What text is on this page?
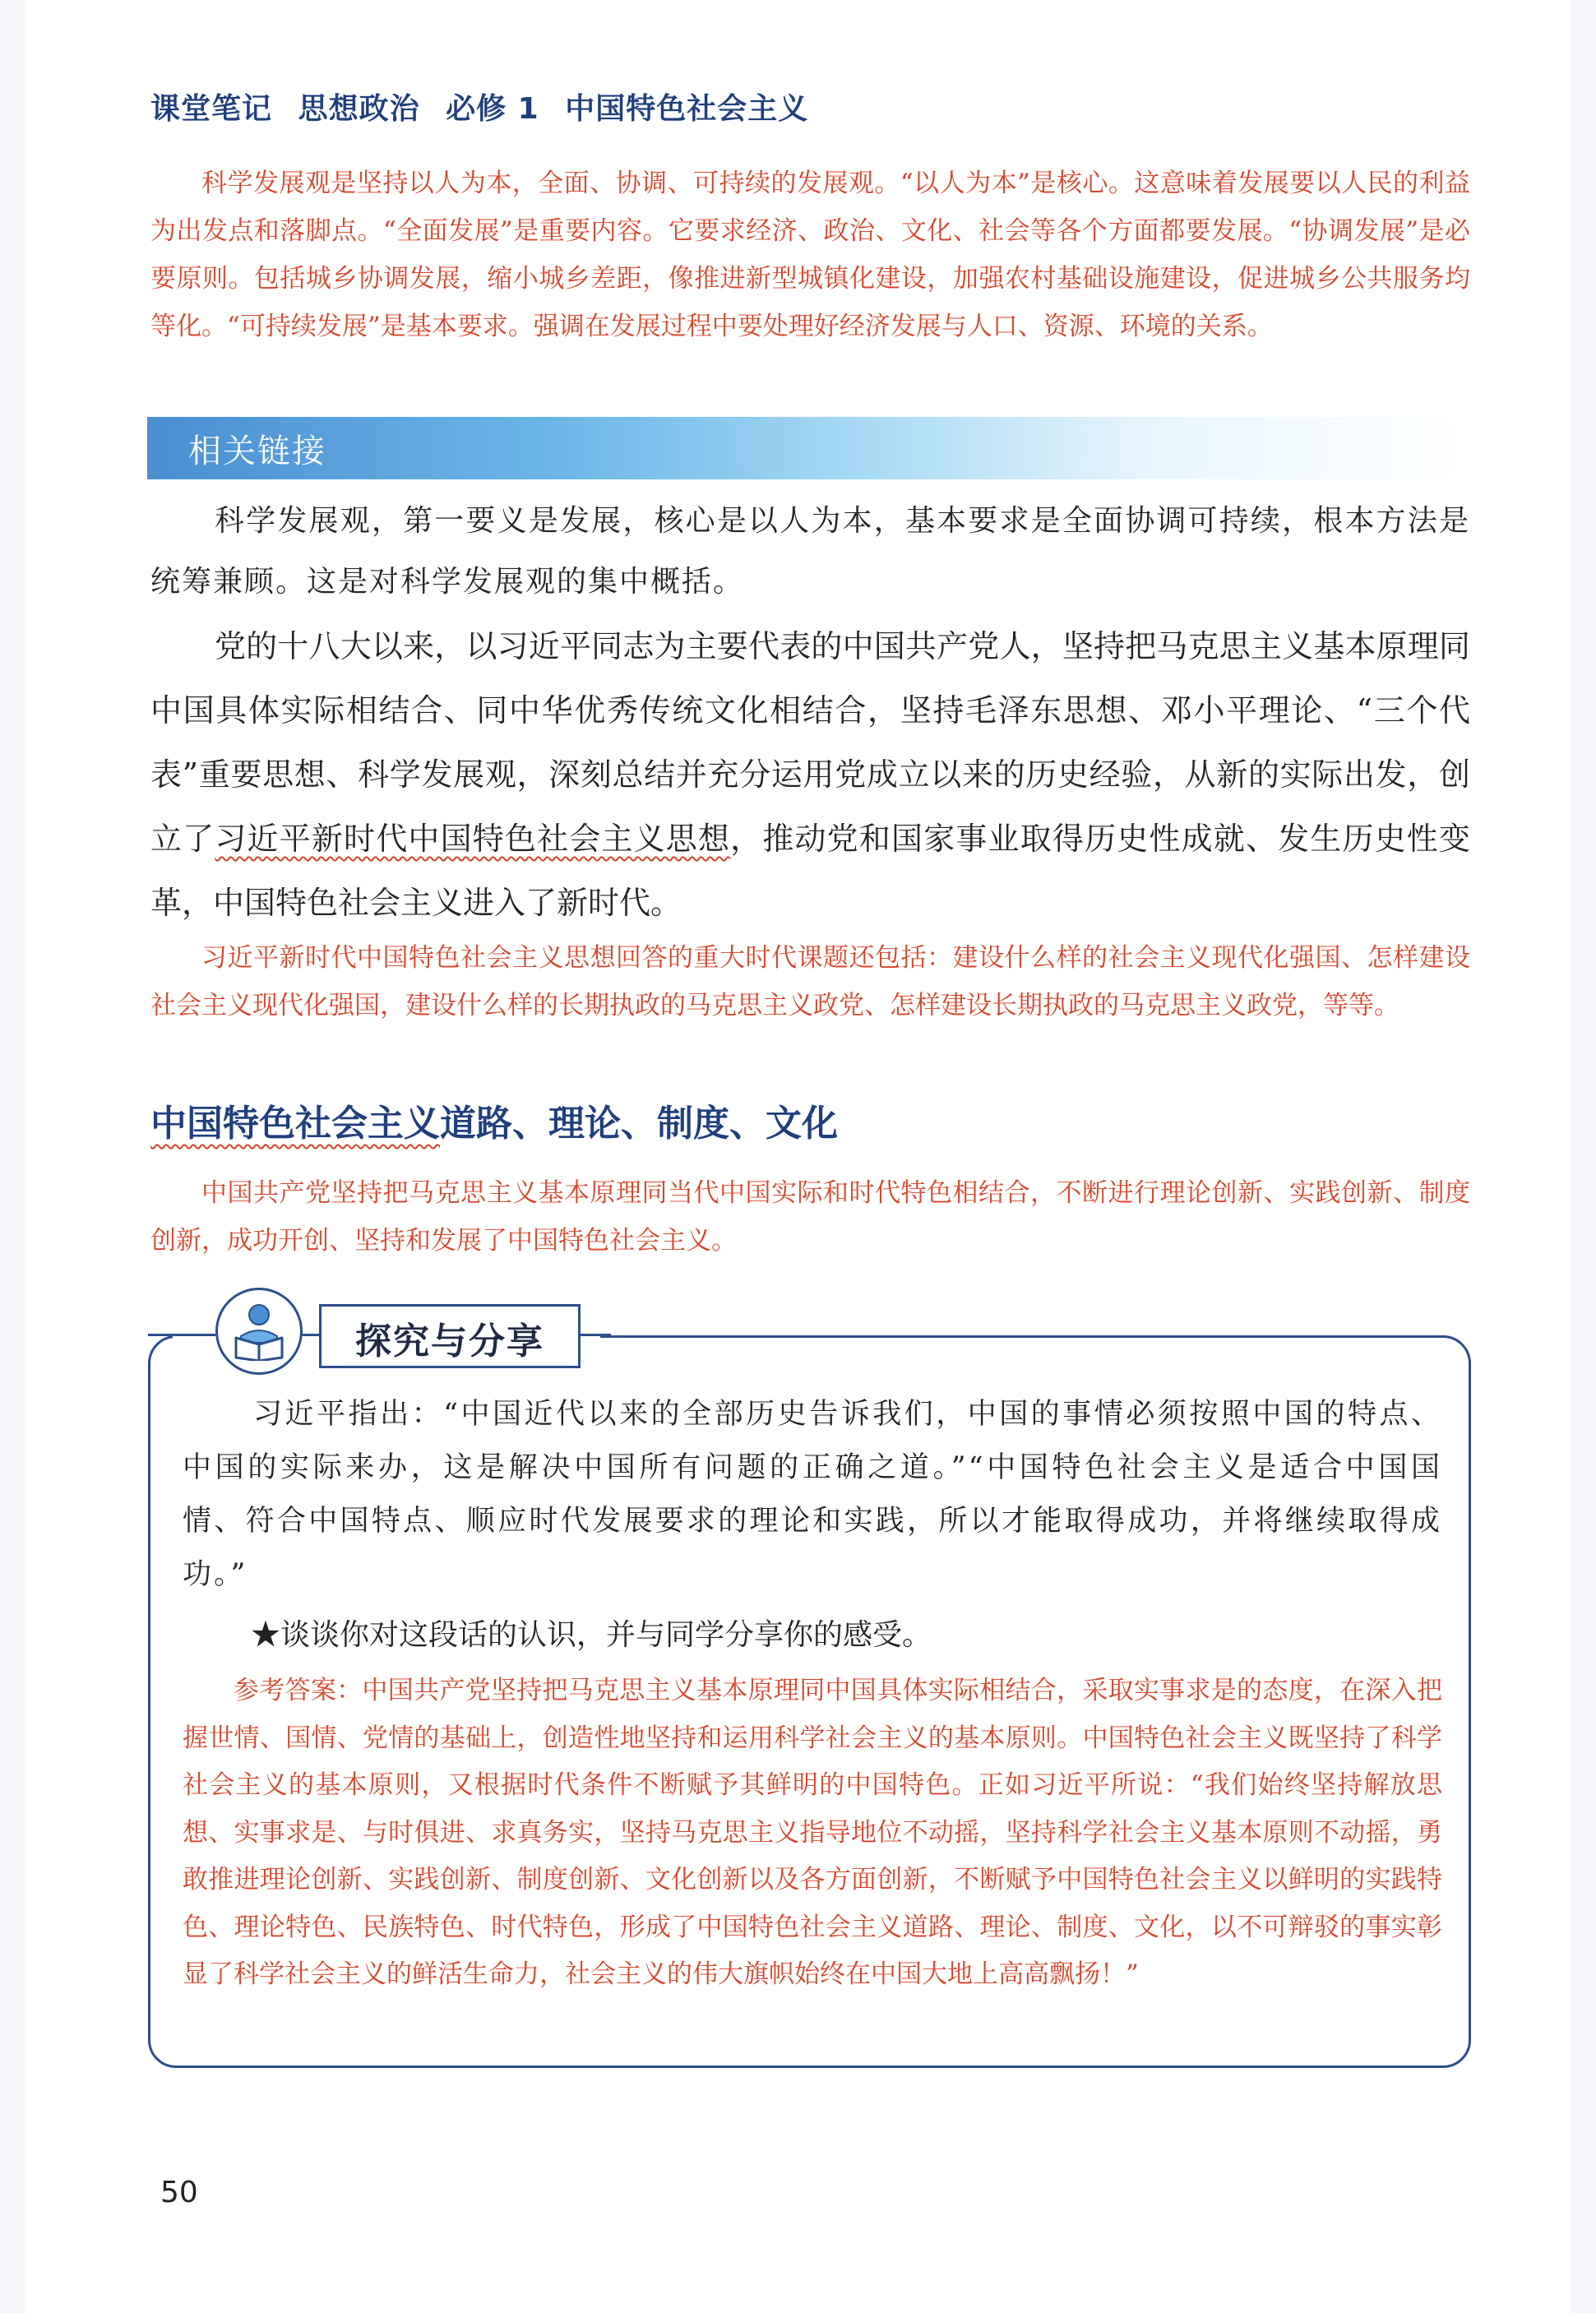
课堂笔记 思想政治 必修 1 中国特色社会主义
科学发展观是坚持以人为本，全面、协调、可持续的发展观。“以人为本”是核心。这意味着发展要以人民的利益为出发点和落脚点。“全面发展”是重要内容。它要求经济、政治、文化、社会等各个方面都要发展。“协调发展”是必要原则。包括城乡协调发展，缩小城乡差距，像推进新型城镇化建设，加强农村基础设施建设，促进城乡公共服务均等化。“可持续发展”是基本要求。强调在发展过程中要处理好经济发展与人口、资源、环境的关系。
相关链接
科学发展观，第一要义是发展，核心是以人为本，基本要求是全面协调可持续，根本方法是统筹兼顾。这是对科学发展观的集中概括。
党的十八大以来，以习近平同志为主要代表的中国共产党人，坚持把马克思主义基本原理同中国具体实际相结合、同中华优秀传统文化相结合，坚持毛泽东思想、邓小平理论、“三个代表”重要思想、科学发展观，深刻总结并充分运用党成立以来的历史经验，从新的实际出发，创立了习近平新时代中国特色社会主义思想，推动党和国家事业取得历史性成就、发生历史性变革，中国特色社会主义进入了新时代。
习近平新时代中国特色社会主义思想回答的重大时代课题还包括：建设什么样的社会主义现代化强国、怎样建设社会主义现代化强国，建设什么样的长期执政的马克思主义政党、怎样建设长期执政的马克思主义政党，等等。
中国特色社会主义道路、理论、制度、文化
中国共产党坚持把马克思主义基本原理同当代中国实际和时代特色相结合，不断进行理论创新、实践创新、制度创新，成功开创、坚持和发展了中国特色社会主义。
探究与分享
习近平指出：“中国近代以来的全部历史告诉我们，中国的事情必须按照中国的特点、中国的实际来办，这是解决中国所有问题的正确之道。”“中国特色社会主义是适合中国国情、符合中国特点、顺应时代发展要求的理论和实践，所以才能取得成功，并将继续取得成功。”
★谈谈你对这段话的认识，并与同学分享你的感受。
参考答案：中国共产党坚持把马克思主义基本原理同中国具体实际相结合，采取实事求是的态度，在深入把握世情、国情、党情的基础上，创造性地坚持和运用科学社会主义的基本原则。中国特色社会主义既坚持了科学社会主义的基本原则，又根据时代条件不断赋予其鲜明的中国特色。正如习近平所说：“我们始终坚持解放思想、实事求是、与时俱进、求真务实，坚持马克思主义指导地位不动摇，坚持科学社会主义基本原则不动摇，勇敢推进理论创新、实践创新、制度创新、文化创新以及各方面创新，不断赋予中国特色社会主义以鲜明的实践特色、理论特色、民族特色、时代特色，形成了中国特色社会主义道路、理论、制度、文化，以不可辩驳的事实彰显了科学社会主义的鲜活生命力，社会主义的伟大旗帜始终在中国大地上高高飘扬！”
50
